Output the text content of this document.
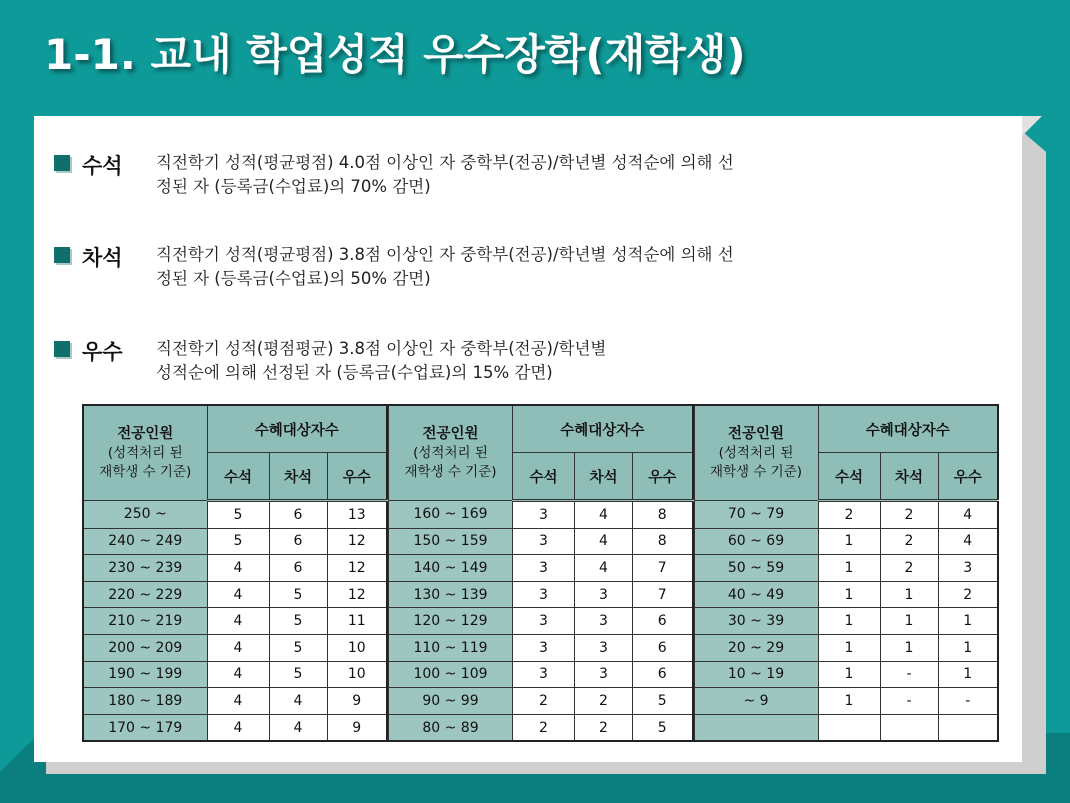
1-1. 교내 학업성적 우수장학(재학생)
수석 직전학기 성적(평균평점) 4.0점 이상인 자 중학부(전공)/학년별 성적순에 의해 선
정된 자 (등록금(수업료)의 70% 감면)
차석 직전학기 성적(평균평점) 3.8점 이상인 자 중학부(전공)/학년별 성적순에 의해 선
정된 자 (등록금(수업료)의 50% 감면)
우수 직전학기 성적(평점평균) 3.8점 이상인 자 중학부(전공)/학년별
성적순에 의해 선정된 자 (등록금(수업료)의 15% 감면)
전공인원
(성적처리 된
재학생 수 기준)	수혜대상자수		
	수석	차석	우수
250 ~	5	6	13
240 ~ 249	5	6	12
230 ~ 239	4	6	12
220 ~ 229	4	5	12
210 ~ 219	4	5	11
200 ~ 209	4	5	10
190 ~ 199	4	5	10
180 ~ 189	4	4	9
170 ~ 179	4	4	9
전공인원
(성적처리 된
재학생 수 기준)	수혜대상자수		
	수석	차석	우수
160 ~ 169	3	4	8
150 ~ 159	3	4	8
140 ~ 149	3	4	7
130 ~ 139	3	3	7
120 ~ 129	3	3	6
110 ~ 119	3	3	6
100 ~ 109	3	3	6
90 ~ 99	2	2	5
80 ~ 89	2	2	5
전공인원
(성적처리 된
재학생 수 기준)	수혜대상자수		
	수석	차석	우수
70 ~ 79	2	2	4
60 ~ 69	1	2	4
50 ~ 59	1	2	3
40 ~ 49	1	1	2
30 ~ 39	1	1	1
20 ~ 29	1	1	1
10 ~ 19	1	-	1
~ 9	1	-	-
